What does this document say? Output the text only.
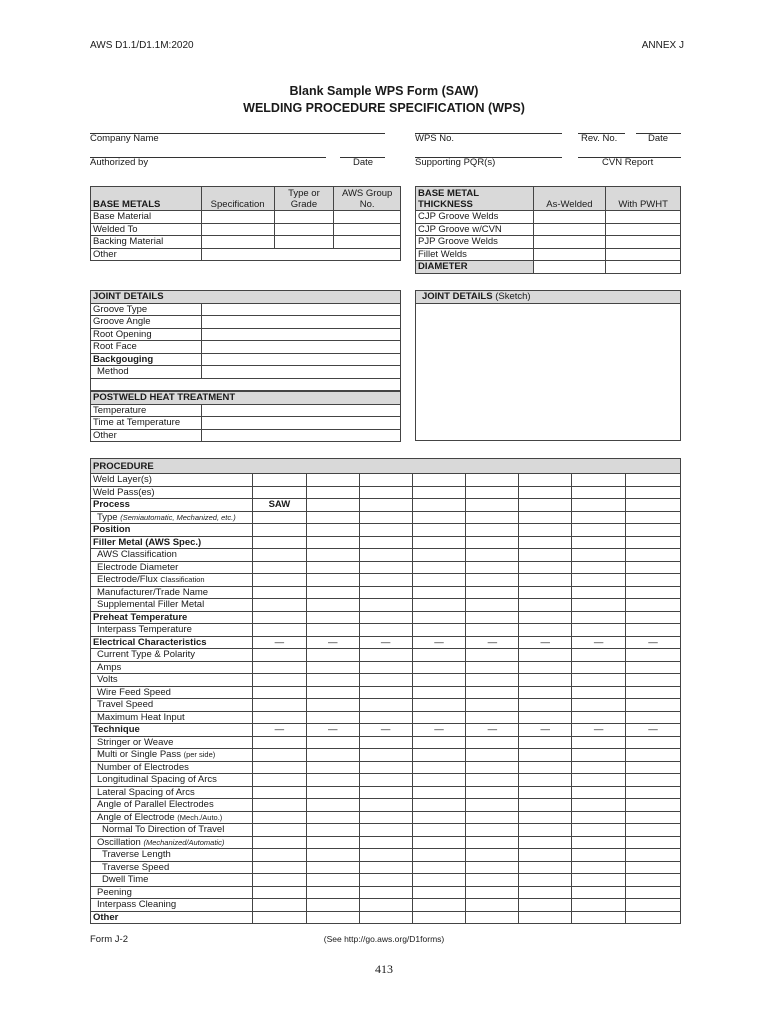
AWS D1.1/D1.1M:2020	ANNEX J
Blank Sample WPS Form (SAW)
WELDING PROCEDURE SPECIFICATION (WPS)
Company Name	WPS No.	Rev. No.	Date
Authorized by	Date	Supporting PQR(s)	CVN Report
BASE METALS	Specification	Type or Grade	AWS Group No.
Base Material			
Welded To			
Backing Material			
Other			
BASE METAL
THICKNESS	As-Welded	With PWHT
CJP Groove Welds		
CJP Groove w/CVN		
PJP Groove Welds		
Fillet Welds		
DIAMETER		
JOINT DETAILS	
Groove Type	
Groove Angle	
Root Opening	
Root Face	
Backgouging	
Method	

POSTWELD HEAT TREATMENT	
Temperature	
Time at Temperature	
Other	
JOINT DETAILS (Sketch)
PROCEDURE								
Weld Layer(s)								
Weld Pass(es)								
Process	SAW							
Type (Semiautomatic, Mechanized, etc.)								
Position								
Filler Metal (AWS Spec.)								
AWS Classification								
Electrode Diameter								
Electrode/Flux Classification								
Manufacturer/Trade Name								
Supplemental Filler Metal								
Preheat Temperature								
Interpass Temperature								
Electrical Characteristics	—	—	—	—	—	—	—	—
Current Type & Polarity								
Amps								
Volts								
Wire Feed Speed								
Travel Speed								
Maximum Heat Input								
Technique	—	—	—	—	—	—	—	—
Stringer or Weave								
Multi or Single Pass (per side)								
Number of Electrodes								
Longitudinal Spacing of Arcs								
Lateral Spacing of Arcs								
Angle of Parallel Electrodes								
Angle of Electrode (Mech./Auto.)								
Normal To Direction of Travel								
Oscillation (Mechanized/Automatic)								
Traverse Length								
Traverse Speed								
Dwell Time								
Peening								
Interpass Cleaning								
Other								
Form J-2	(See http://go.aws.org/D1forms)
413
